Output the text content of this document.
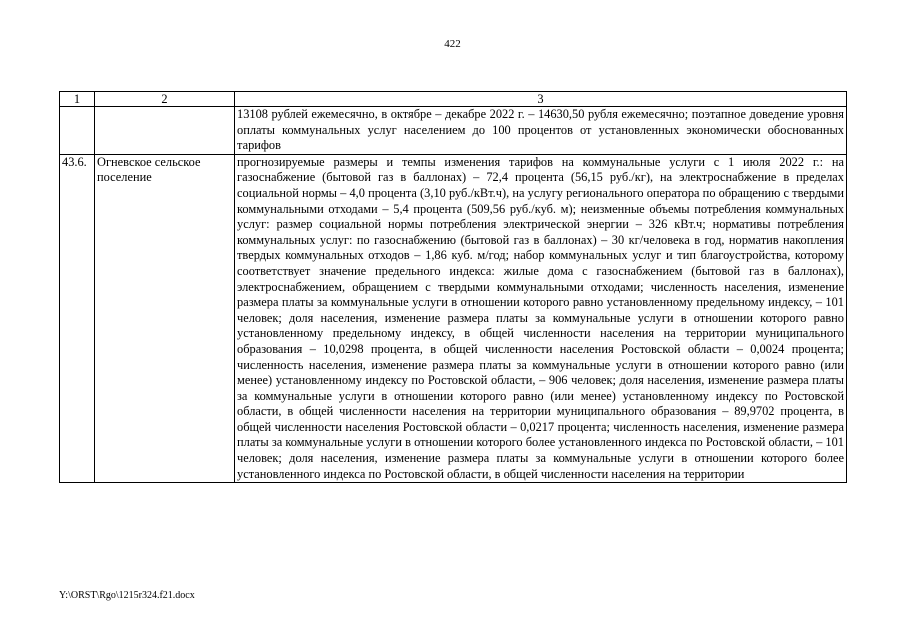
422
1	2	3
		13108 рублей ежемесячно, в октябре – декабре 2022 г. – 14630,50 рубля ежемесячно; поэтапное доведение уровня оплаты коммунальных услуг населением до 100 процентов от установленных экономически обоснованных тарифов
43.6.	Огневское сельское поселение	прогнозируемые размеры и темпы изменения тарифов на коммунальные услуги с 1 июля 2022 г.: на газоснабжение (бытовой газ в баллонах) – 72,4 процента (56,15 руб./кг), на электроснабжение в пределах социальной нормы – 4,0 процента (3,10 руб./кВт.ч), на услугу регионального оператора по обращению с твердыми коммунальными отходами – 5,4 процента (509,56 руб./куб. м); неизменные объемы потребления коммунальных услуг: размер социальной нормы потребления электрической энергии – 326 кВт.ч; нормативы потребления коммунальных услуг: по газоснабжению (бытовой газ в баллонах) – 30 кг/человека в год, норматив накопления твердых коммунальных отходов – 1,86 куб. м/год; набор коммунальных услуг и тип благоустройства, которому соответствует значение предельного индекса: жилые дома с газоснабжением (бытовой газ в баллонах), электроснабжением, обращением с твердыми коммунальными отходами; численность населения, изменение размера платы за коммунальные услуги в отношении которого равно установленному предельному индексу, – 101 человек; доля населения, изменение размера платы за коммунальные услуги в отношении которого равно установленному предельному индексу, в общей численности населения на территории муниципального образования – 10,0298 процента, в общей численности населения Ростовской области – 0,0024 процента; численность населения, изменение размера платы за коммунальные услуги в отношении которого равно (или менее) установленному индексу по Ростовской области, – 906 человек; доля населения, изменение размера платы за коммунальные услуги в отношении которого равно (или менее) установленному индексу по Ростовской области, в общей численности населения на территории муниципального образования – 89,9702 процента, в общей численности населения Ростовской области – 0,0217 процента; численность населения, изменение размера платы за коммунальные услуги в отношении которого более установленного индекса по Ростовской области, – 101 человек; доля населения, изменение размера платы за коммунальные услуги в отношении которого более установленного индекса по Ростовской области, в общей численности населения на территории
Y:\ORST\Rgo\1215r324.f21.docx
